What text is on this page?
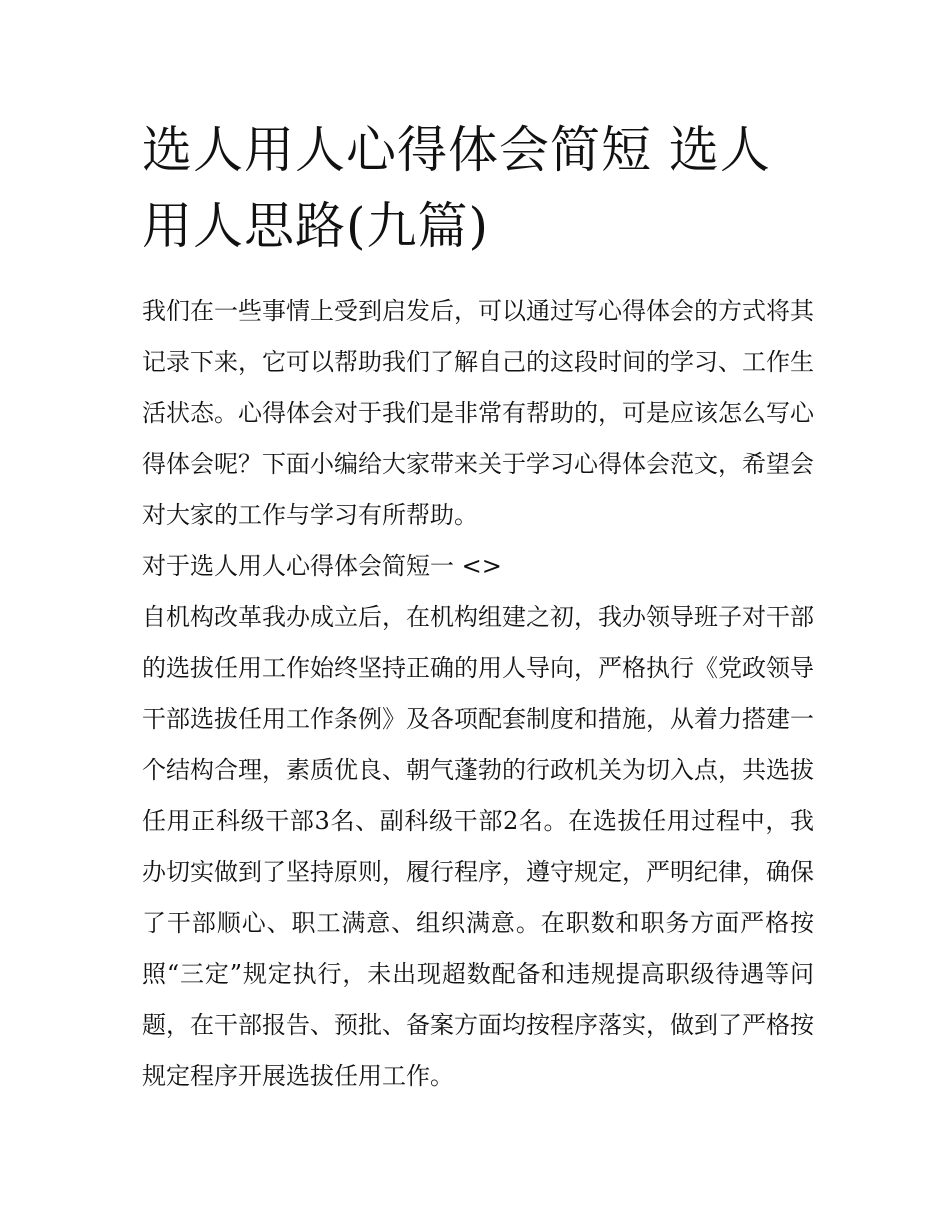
选人用人心得体会简短 选人用人思路(九篇)

我们在一些事情上受到启发后，可以通过写心得体会的方式将其记录下来，它可以帮助我们了解自己的这段时间的学习、工作生活状态。心得体会对于我们是非常有帮助的，可是应该怎么写心得体会呢？下面小编给大家带来关于学习心得体会范文，希望会对大家的工作与学习有所帮助。

对于选人用人心得体会简短一 <>

自机构改革我办成立后，在机构组建之初，我办领导班子对干部的选拔任用工作始终坚持正确的用人导向，严格执行《党政领导干部选拔任用工作条例》及各项配套制度和措施，从着力搭建一个结构合理，素质优良、朝气蓬勃的行政机关为切入点，共选拔任用正科级干部3名、副科级干部2名。在选拔任用过程中，我办切实做到了坚持原则，履行程序，遵守规定，严明纪律，确保了干部顺心、职工满意、组织满意。在职数和职务方面严格按照“三定”规定执行，未出现超数配备和违规提高职级待遇等问题，在干部报告、预批、备案方面均按程序落实，做到了严格按规定程序开展选拔任用工作。
